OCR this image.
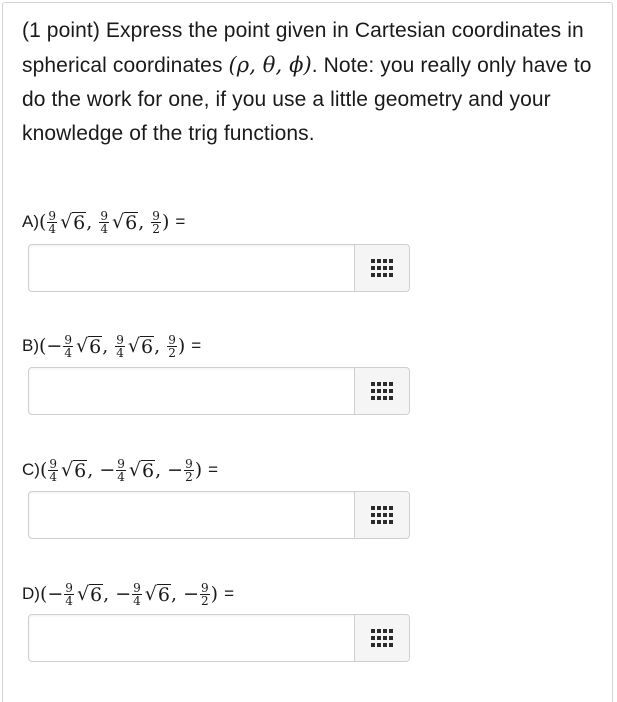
(1 point) Express the point given in Cartesian coordinates in spherical coordinates (ρ, θ, ϕ). Note: you really only have to do the work for one, if you use a little geometry and your knowledge of the trig functions.
A) ( $\frac{9}{4}$ √ 6 ,
$\frac{9}{4}$ √ 6 ,
$\frac{9}{2}$ ) =
B) ( − $\frac{9}{4}$ √ 6 ,
$\frac{9}{4}$ √ 6 ,
$\frac{9}{2}$ ) =
C) ( $\frac{9}{4}$ √ 6 ,
− $\frac{9}{4}$ √ 6 ,
− $\frac{9}{2}$ ) =
D) ( − $\frac{9}{4}$ √ 6 ,
− $\frac{9}{4}$ √ 6 ,
− $\frac{9}{2}$ ) =
